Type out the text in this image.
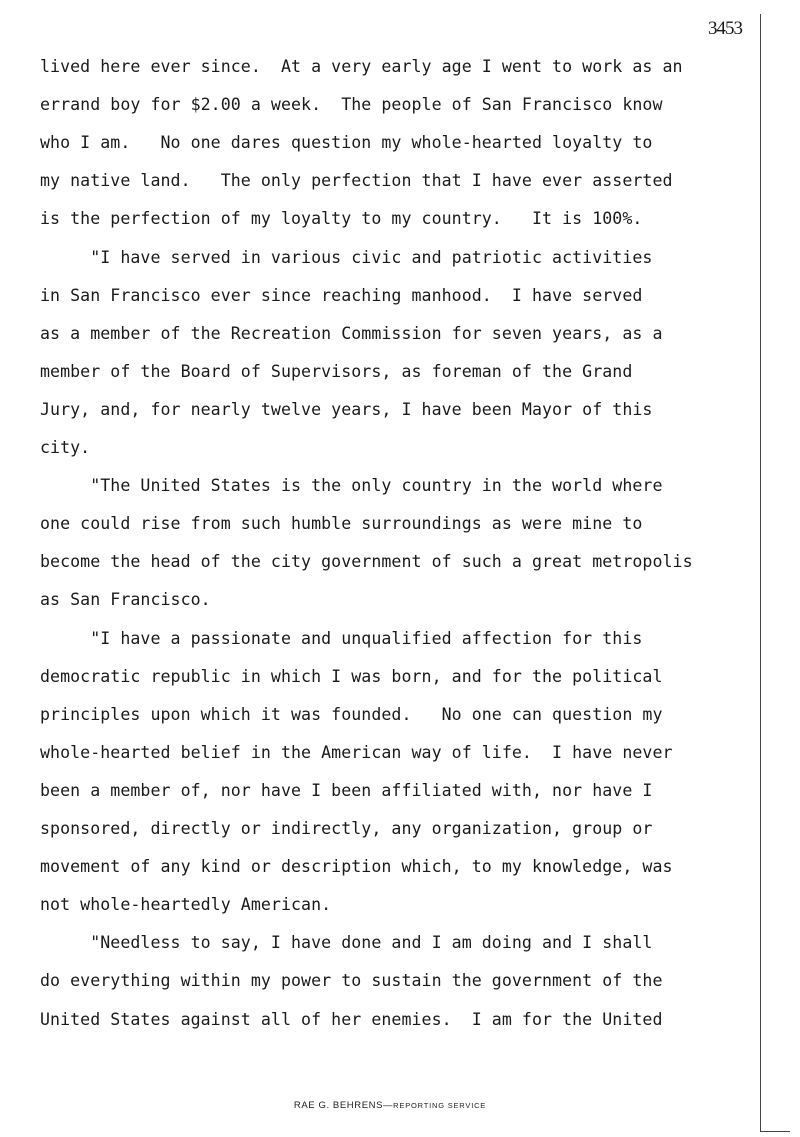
3453
lived here ever since.  At a very early age I went to work as an
errand boy for $2.00 a week.  The people of San Francisco know
who I am.   No one dares question my whole-hearted loyalty to
my native land.   The only perfection that I have ever asserted
is the perfection of my loyalty to my country.   It is 100%.
"I have served in various civic and patriotic activities
in San Francisco ever since reaching manhood.  I have served
as a member of the Recreation Commission for seven years, as a
member of the Board of Supervisors, as foreman of the Grand
Jury, and, for nearly twelve years, I have been Mayor of this
city.
"The United States is the only country in the world where
one could rise from such humble surroundings as were mine to
become the head of the city government of such a great metropolis
as San Francisco.
"I have a passionate and unqualified affection for this
democratic republic in which I was born, and for the political
principles upon which it was founded.   No one can question my
whole-hearted belief in the American way of life.  I have never
been a member of, nor have I been affiliated with, nor have I
sponsored, directly or indirectly, any organization, group or
movement of any kind or description which, to my knowledge, was
not whole-heartedly American.
"Needless to say, I have done and I am doing and I shall
do everything within my power to sustain the government of the
United States against all of her enemies.  I am for the United
RAE G. BEHRENS—REPORTING SERVICE
